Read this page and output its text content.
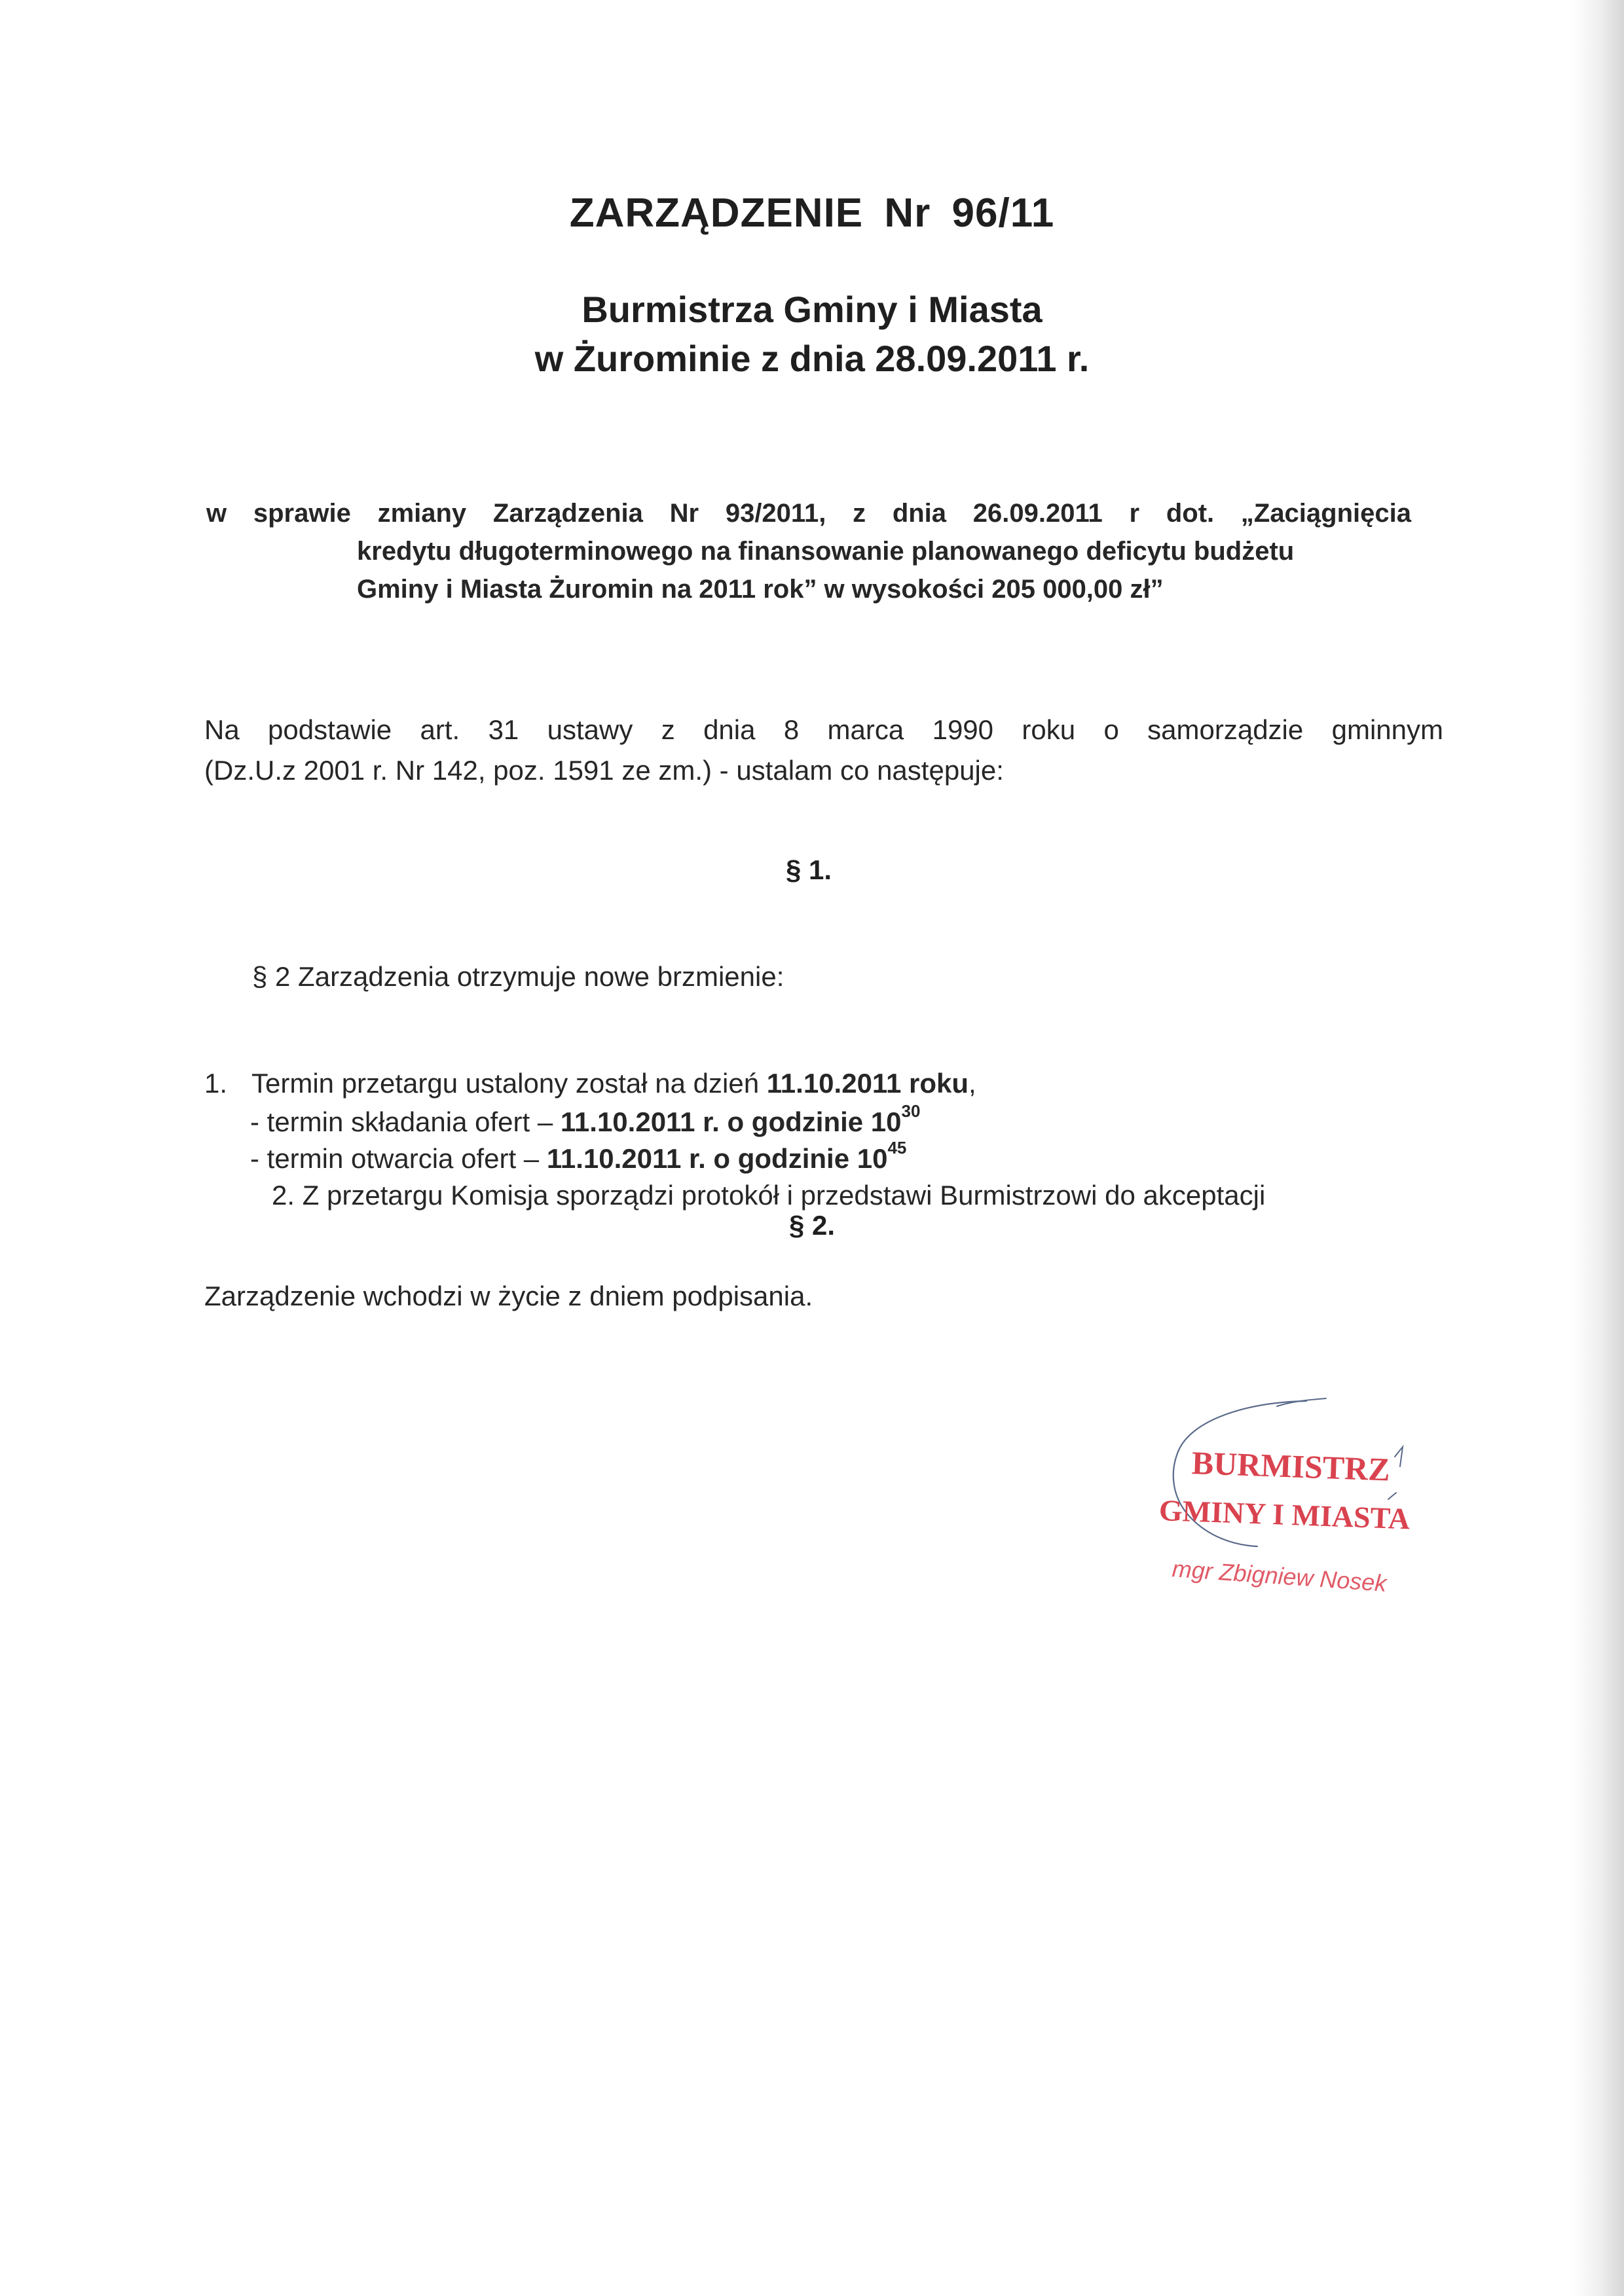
ZARZĄDZENIE Nr 96/11
Burmistrza Gminy i Miasta
w Żurominie z dnia 28.09.2011 r.
w sprawie zmiany Zarządzenia Nr 93/2011, z dnia 26.09.2011 r dot. „Zaciągnięcia
kredytu długoterminowego na finansowanie planowanego deficytu budżetu
Gminy i Miasta Żuromin na 2011 rok” w wysokości 205 000,00 zł”
Na podstawie art. 31 ustawy z dnia 8 marca 1990 roku o samorządzie gminnym
(Dz.U.z 2001 r. Nr 142, poz. 1591 ze zm.) - ustalam co następuje:
§ 1.
§ 2 Zarządzenia otrzymuje nowe brzmienie:
1. Termin przetargu ustalony został na dzień 11.10.2011 roku,
- termin składania ofert – 11.10.2011 r. o godzinie $10^{30}$
- termin otwarcia ofert – 11.10.2011 r. o godzinie $10^{45}$
2. Z przetargu Komisja sporządzi protokół i przedstawi Burmistrzowi do akceptacji
§ 2.
Zarządzenie wchodzi w życie z dniem podpisania.
BURMISTRZ
GMINY I MIASTA
mgr Zbigniew Nosek
